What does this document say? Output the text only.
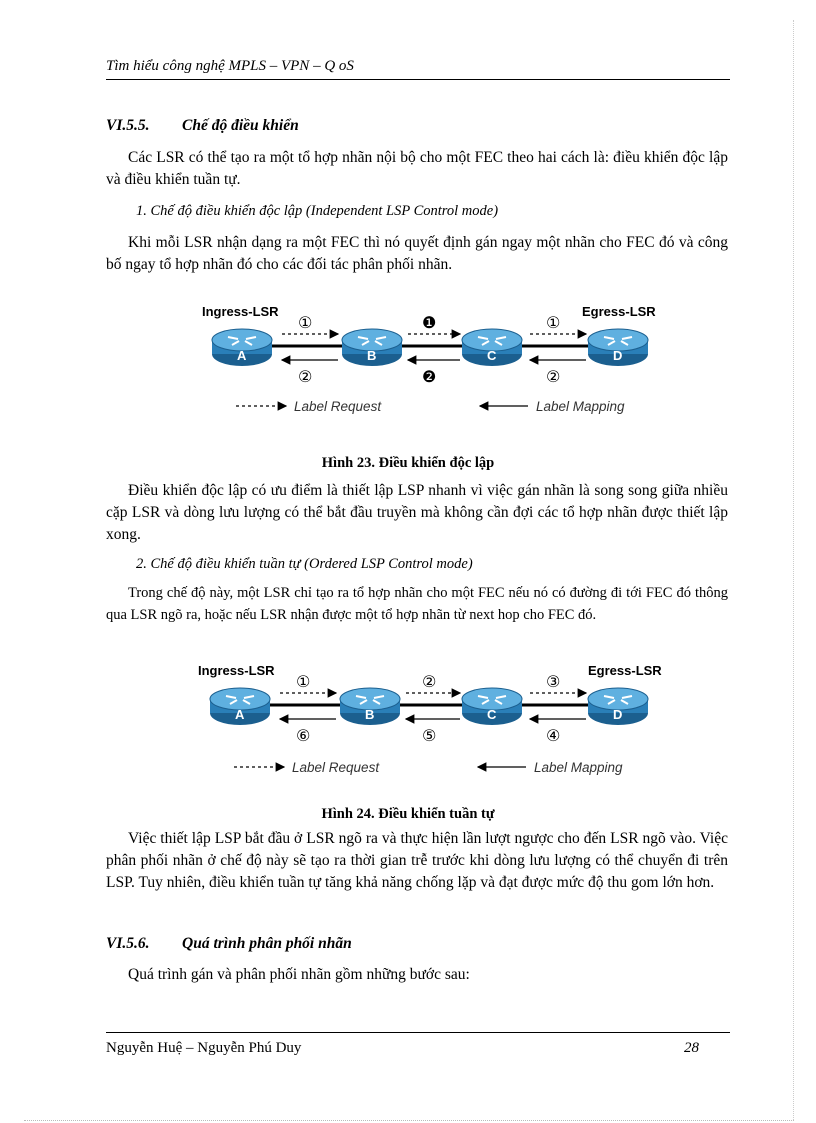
Tìm hiểu công nghệ MPLS – VPN – Q oS
VI.5.5. Chế độ điều khiển

Các LSR có thể tạo ra một tổ hợp nhãn nội bộ cho một FEC theo hai cách là: điều khiển độc lập và điều khiển tuần tự.

1. Chế độ điều khiển độc lập (Independent LSP Control mode)

Khi mỗi LSR nhận dạng ra một FEC thì nó quyết định gán ngay một nhãn cho FEC đó và công bố ngay tổ hợp nhãn đó cho các đối tác phân phối nhãn.

Ingress-LSR	Egress-LSR
①	❶	①
②	❷	②
A	B	C	D
Label Request	Label Mapping
Hình 23. Điều khiển độc lập

Điều khiển độc lập có ưu điểm là thiết lập LSP nhanh vì việc gán nhãn là song song giữa nhiều cặp LSR và dòng lưu lượng có thể bắt đầu truyền mà không cần đợi các tổ hợp nhãn được thiết lập xong.

2. Chế độ điều khiển tuần tự (Ordered LSP Control mode)

Trong chế độ này, một LSR chỉ tạo ra tổ hợp nhãn cho một FEC nếu nó có đường đi tới FEC đó thông qua LSR ngõ ra, hoặc nếu LSR nhận được một tổ hợp nhãn từ next hop cho FEC đó.

Ingress-LSR	Egress-LSR
①	②	③
⑥	⑤	④
A	B	C	D
Label Request	Label Mapping
Hình 24. Điều khiển tuần tự

Việc thiết lập LSP bắt đầu ở LSR ngõ ra và thực hiện lần lượt ngược cho đến LSR ngõ vào. Việc phân phối nhãn ở chế độ này sẽ tạo ra thời gian trễ trước khi dòng lưu lượng có thể chuyển đi trên LSP. Tuy nhiên, điều khiển tuần tự tăng khả năng chống lặp và đạt được mức độ thu gom lớn hơn.

VI.5.6. Quá trình phân phối nhãn

Quá trình gán và phân phối nhãn gồm những bước sau:

Nguyễn Huệ – Nguyễn Phú Duy	28
